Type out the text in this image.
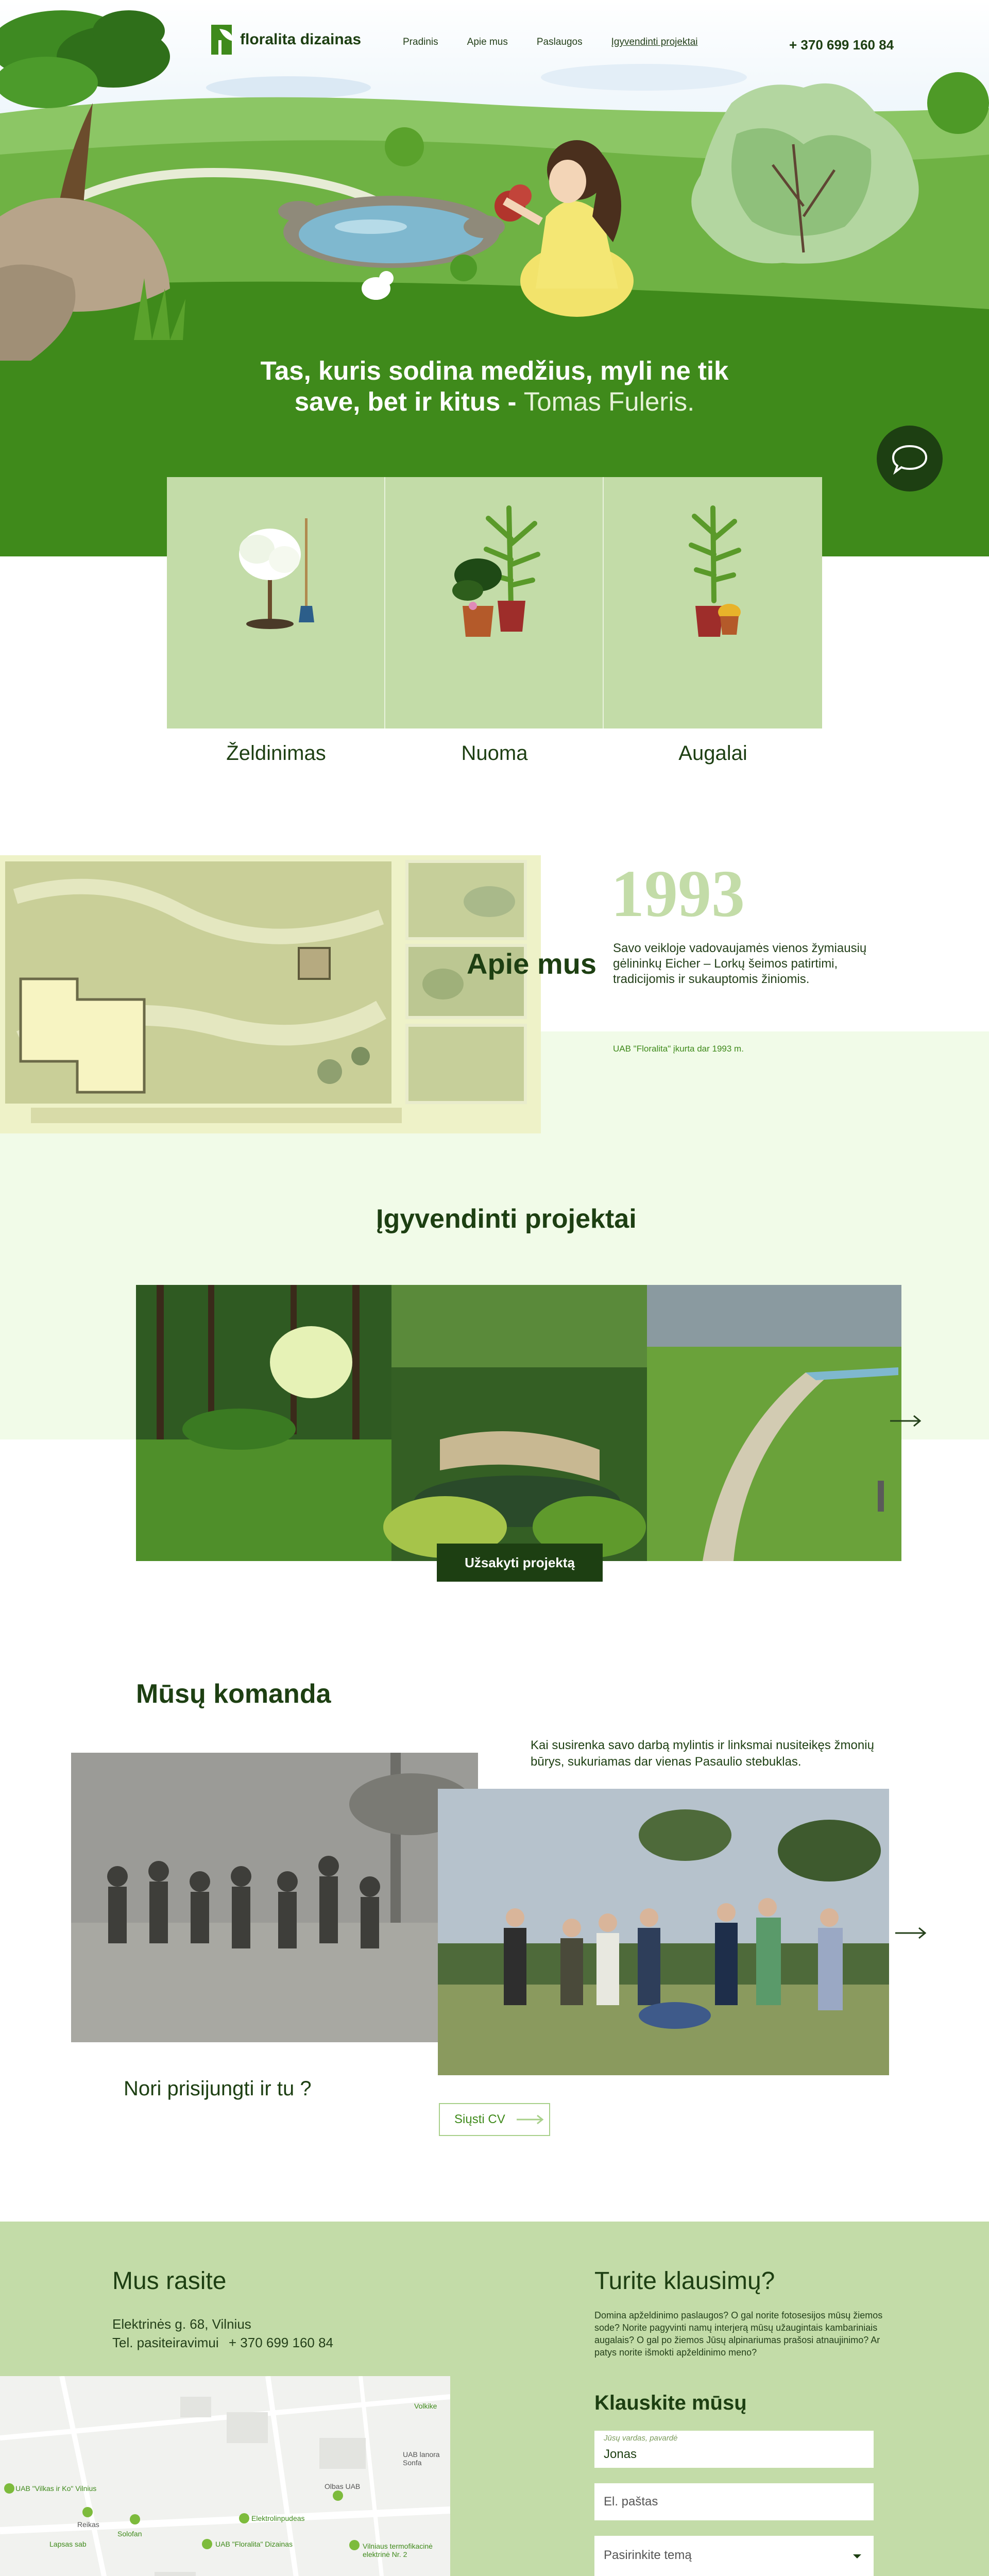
floralita dizainas	Pradinis	Apie mus	Paslaugos	Įgyvendinti projektai	+ 370 699 160 84
Tas, kuris sodina medžius, myli ne tik save, bet ir kitus - Tomas Fuleris.
Želdinimas	Nuoma	Augalai
1993
Apie mus Savo veikloje vadovaujamės vienos žymiausių gėlininkų Eicher – Lorkų šeimos patirtimi, tradicijomis ir sukauptomis žiniomis.
UAB "Floralita" įkurta dar 1993 m.
Įgyvendinti projektai
Užsakyti projektą
Mūsų komanda
Kai susirenka savo darbą mylintis ir linksmai nusiteikęs žmonių būrys, sukuriamas dar vienas Pasaulio stebuklas.
Nori prisijungti ir tu ?
Siųsti CV
Mus rasite
Elektrinės g. 68, Vilnius
Tel. pasiteiravimui + 370 699 160 84
UAB "Vilkas ir Ko" Vilnius
Reikas
Lapsas sab
Solofan
Elektrolinpudeas
UAB "Floralita" Dizainas
Olbas UAB
Vilniaus termofikacinė elektrinė Nr. 2
Volkike
UAB lanora Sonfa
Turite klausimų?
Domina apželdinimo paslaugos? O gal norite fotosesijos mūsų žiemos sode? Norite pagyvinti namų interjerą mūsų užaugintais kambariniais augalais? O gal po žiemos Jūsų alpinariumas prašosi atnaujinimo? Ar patys norite išmokti apželdinimo meno?
Klauskite mūsų
Jūsų vardas, pavardė
Jonas
El. paštas
Pasirinkite temą
